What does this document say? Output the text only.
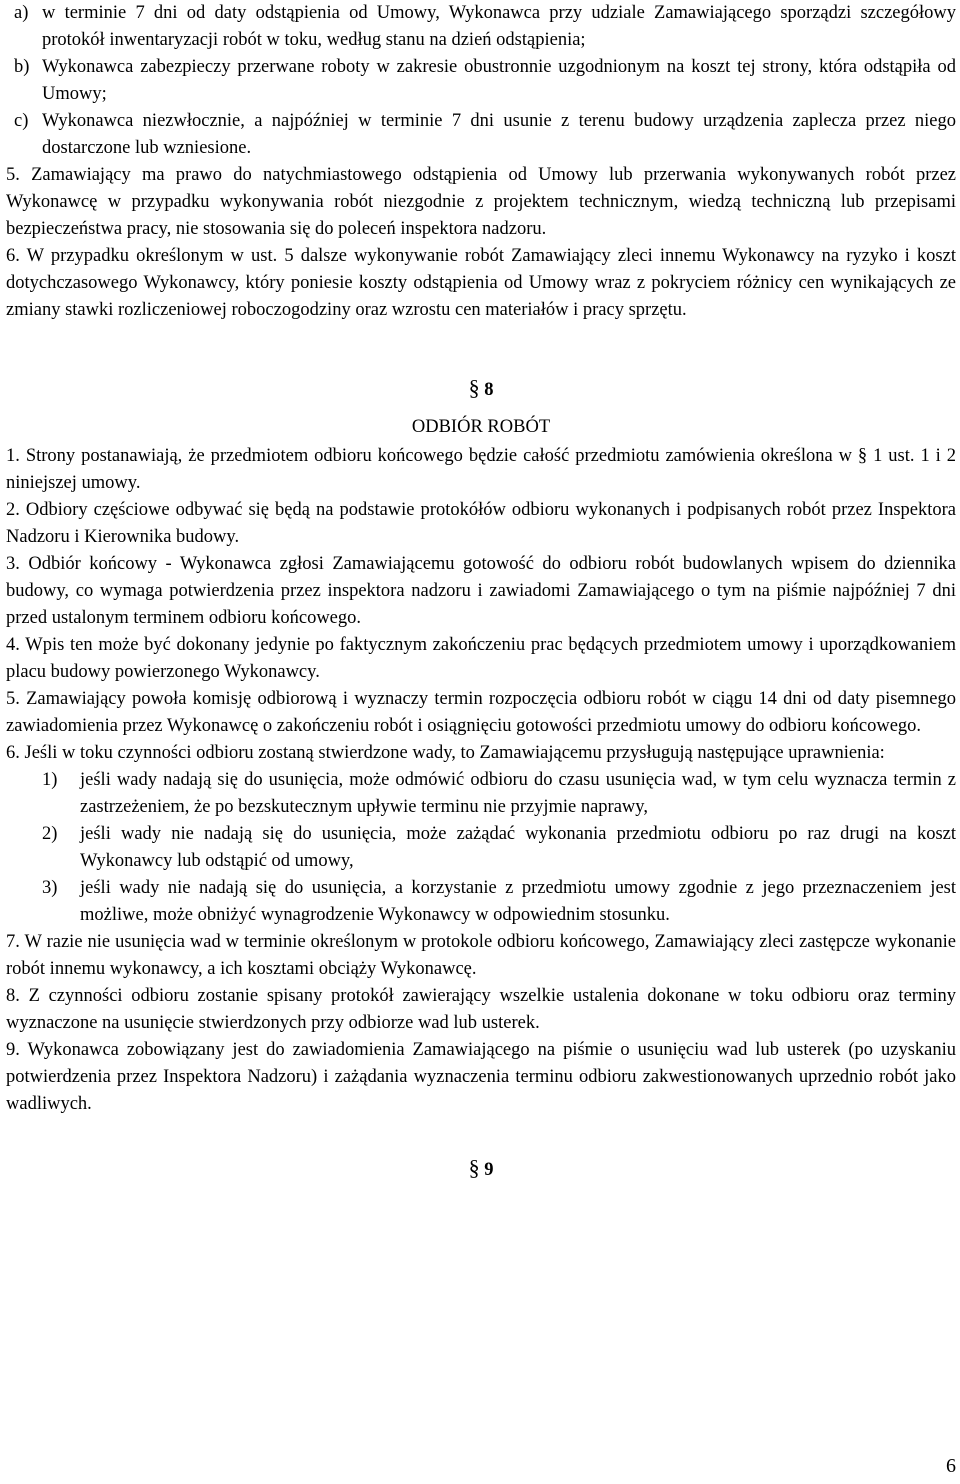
a) w terminie 7 dni od daty odstąpienia od Umowy, Wykonawca przy udziale Zamawiającego sporządzi szczegółowy protokół inwentaryzacji robót w toku, według stanu na dzień odstąpienia;
b) Wykonawca zabezpieczy przerwane roboty w zakresie obustronnie uzgodnionym na koszt tej strony, która odstąpiła od Umowy;
c) Wykonawca niezwłocznie, a najpóźniej w terminie 7 dni usunie z terenu budowy urządzenia zaplecza przez niego dostarczone lub wzniesione.

5. Zamawiający ma prawo do natychmiastowego odstąpienia od Umowy lub przerwania wykonywanych robót przez Wykonawcę w przypadku wykonywania robót niezgodnie z projektem technicznym, wiedzą techniczną lub przepisami bezpieczeństwa pracy, nie stosowania się do poleceń inspektora nadzoru.

6. W przypadku określonym w ust. 5 dalsze wykonywanie robót Zamawiający zleci innemu Wykonawcy na ryzyko i koszt dotychczasowego Wykonawcy, który poniesie koszty odstąpienia od Umowy wraz z pokryciem różnicy cen wynikających ze zmiany stawki rozliczeniowej roboczogodziny oraz wzrostu cen materiałów i pracy sprzętu.

§ 8

ODBIÓR ROBÓT

1. Strony postanawiają, że przedmiotem odbioru końcowego będzie całość przedmiotu zamówienia określona w § 1 ust. 1 i 2 niniejszej umowy.

2. Odbiory częściowe odbywać się będą na podstawie protokółów odbioru wykonanych i podpisanych robót przez Inspektora Nadzoru i Kierownika budowy.

3. Odbiór końcowy - Wykonawca zgłosi Zamawiającemu gotowość do odbioru robót budowlanych wpisem do dziennika budowy, co wymaga potwierdzenia przez inspektora nadzoru i zawiadomi Zamawiającego o tym na piśmie najpóźniej 7 dni przed ustalonym terminem odbioru końcowego.

4. Wpis ten może być dokonany jedynie po faktycznym zakończeniu prac będących przedmiotem umowy i uporządkowaniem placu budowy powierzonego Wykonawcy.

5. Zamawiający powoła komisję odbiorową i wyznaczy termin rozpoczęcia odbioru robót w ciągu 14 dni od daty pisemnego zawiadomienia przez Wykonawcę o zakończeniu robót i osiągnięciu gotowości przedmiotu umowy do odbioru końcowego.

6. Jeśli w toku czynności odbioru zostaną stwierdzone wady, to Zamawiającemu przysługują następujące uprawnienia:

1)	jeśli wady nadają się do usunięcia, może odmówić odbioru do czasu usunięcia wad, w tym celu wyznacza termin z zastrzeżeniem, że po bezskutecznym upływie terminu nie przyjmie naprawy,
2)	jeśli wady nie nadają się do usunięcia, może zażądać wykonania przedmiotu odbioru po raz drugi na koszt Wykonawcy lub odstąpić od umowy,
3)	jeśli wady nie nadają się do usunięcia, a korzystanie z przedmiotu umowy zgodnie z jego przeznaczeniem jest możliwe, może obniżyć wynagrodzenie Wykonawcy w odpowiednim stosunku.

7. W razie nie usunięcia wad w terminie określonym w protokole odbioru końcowego, Zamawiający zleci zastępcze wykonanie robót innemu wykonawcy, a ich kosztami obciąży Wykonawcę.

8. Z czynności odbioru zostanie spisany protokół zawierający wszelkie ustalenia dokonane w toku odbioru oraz terminy wyznaczone na usunięcie stwierdzonych przy odbiorze wad lub usterek.

9. Wykonawca zobowiązany jest do zawiadomienia Zamawiającego na piśmie o usunięciu wad lub usterek (po uzyskaniu potwierdzenia przez Inspektora Nadzoru) i zażądania wyznaczenia terminu odbioru zakwestionowanych uprzednio robót jako wadliwych.

§ 9
6
